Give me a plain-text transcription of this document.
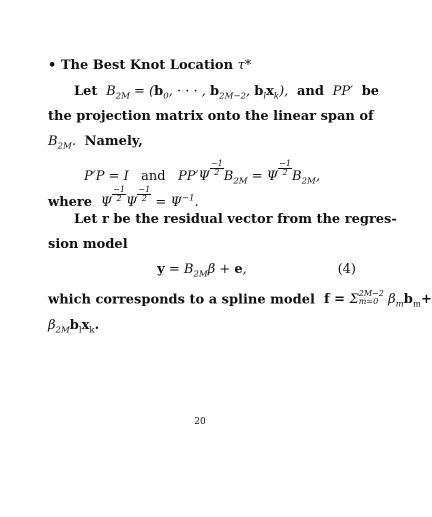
• The Best Knot Location τ*
Let  $B_{2M} = (b_0$, · · · , $b_{2M-2}$, $b_lx_k$),  and  PP′  be
the projection matrix onto the linear span of
$B_{2M}$.  Namely,
P′P = I and $PP'\Psi \frac{-1}{2} B_{2M} = \Psi \frac{-1}{2} B_{2M}$,
where  Ψ $\frac{-1}{2}$ Ψ $\frac{-1}{2} = \Psi^{-1}$.
Let r be the residual vector from the regres-
sion model
$y = B_{2M}\beta + e$,	(4)
which corresponds to a spline model  f = Σ 2M−2
m=0 $\beta_mb_m+$
$\beta_{2M}b_lx_k$.
20
